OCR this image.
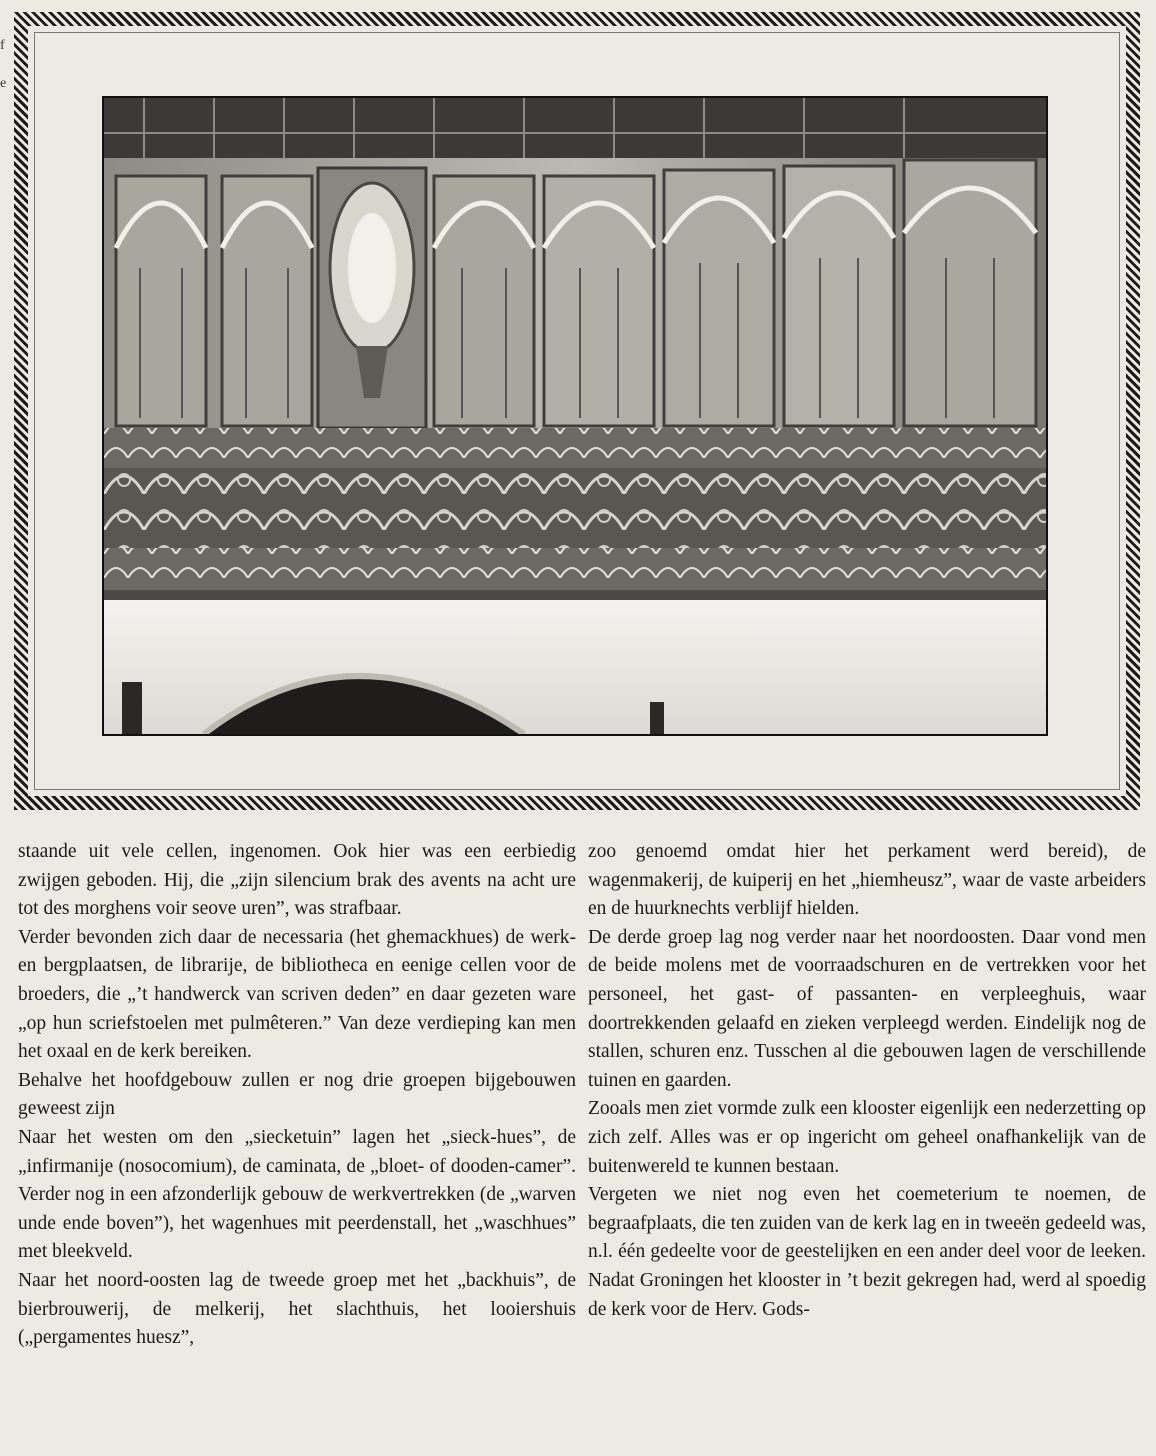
f
e

staande uit vele cellen, ingenomen. Ook hier was een eerbiedig zwijgen geboden. Hij, die „zijn silencium brak des avents na acht ure tot des morghens voir seove uren”, was strafbaar.

Verder bevonden zich daar de necessaria (het ghemackhues) de werk- en bergplaatsen, de librarije, de bibliotheca en eenige cellen voor de broeders, die „’t handwerck van scriven deden” en daar gezeten ware „op hun scriefstoelen met pulmêteren.” Van deze verdieping kan men het oxaal en de kerk bereiken.

Behalve het hoofdgebouw zullen er nog drie groepen bijgebouwen geweest zijn

Naar het westen om den „siecketuin” lagen het „sieck-hues”, de „infirmanije (nosocomium), de caminata, de „bloet- of dooden-camer”. Verder nog in een afzonderlijk gebouw de werkvertrekken (de „warven unde ende boven”), het wagenhues mit peerdenstall, het „waschhues” met bleekveld.

Naar het noord-oosten lag de tweede groep met het „backhuis”, de bierbrouwerij, de melkerij, het slachthuis, het looiershuis („pergamentes huesz”,

zoo genoemd omdat hier het perkament werd bereid), de wagenmakerij, de kuiperij en het „hiemheusz”, waar de vaste arbeiders en de huurknechts verblijf hielden.

De derde groep lag nog verder naar het noordoosten. Daar vond men de beide molens met de voorraadschuren en de vertrekken voor het personeel, het gast- of passanten- en verpleeghuis, waar doortrekkenden gelaafd en zieken verpleegd werden. Eindelijk nog de stallen, schuren enz. Tusschen al die gebouwen lagen de verschillende tuinen en gaarden.

Zooals men ziet vormde zulk een klooster eigenlijk een nederzetting op zich zelf. Alles was er op ingericht om geheel onafhankelijk van de buitenwereld te kunnen bestaan.

Vergeten we niet nog even het coemeterium te noemen, de begraafplaats, die ten zuiden van de kerk lag en in tweeën gedeeld was, n.l. één gedeelte voor de geestelijken en een ander deel voor de leeken. Nadat Groningen het klooster in ’t bezit gekregen had, werd al spoedig de kerk voor de Herv. Gods-
